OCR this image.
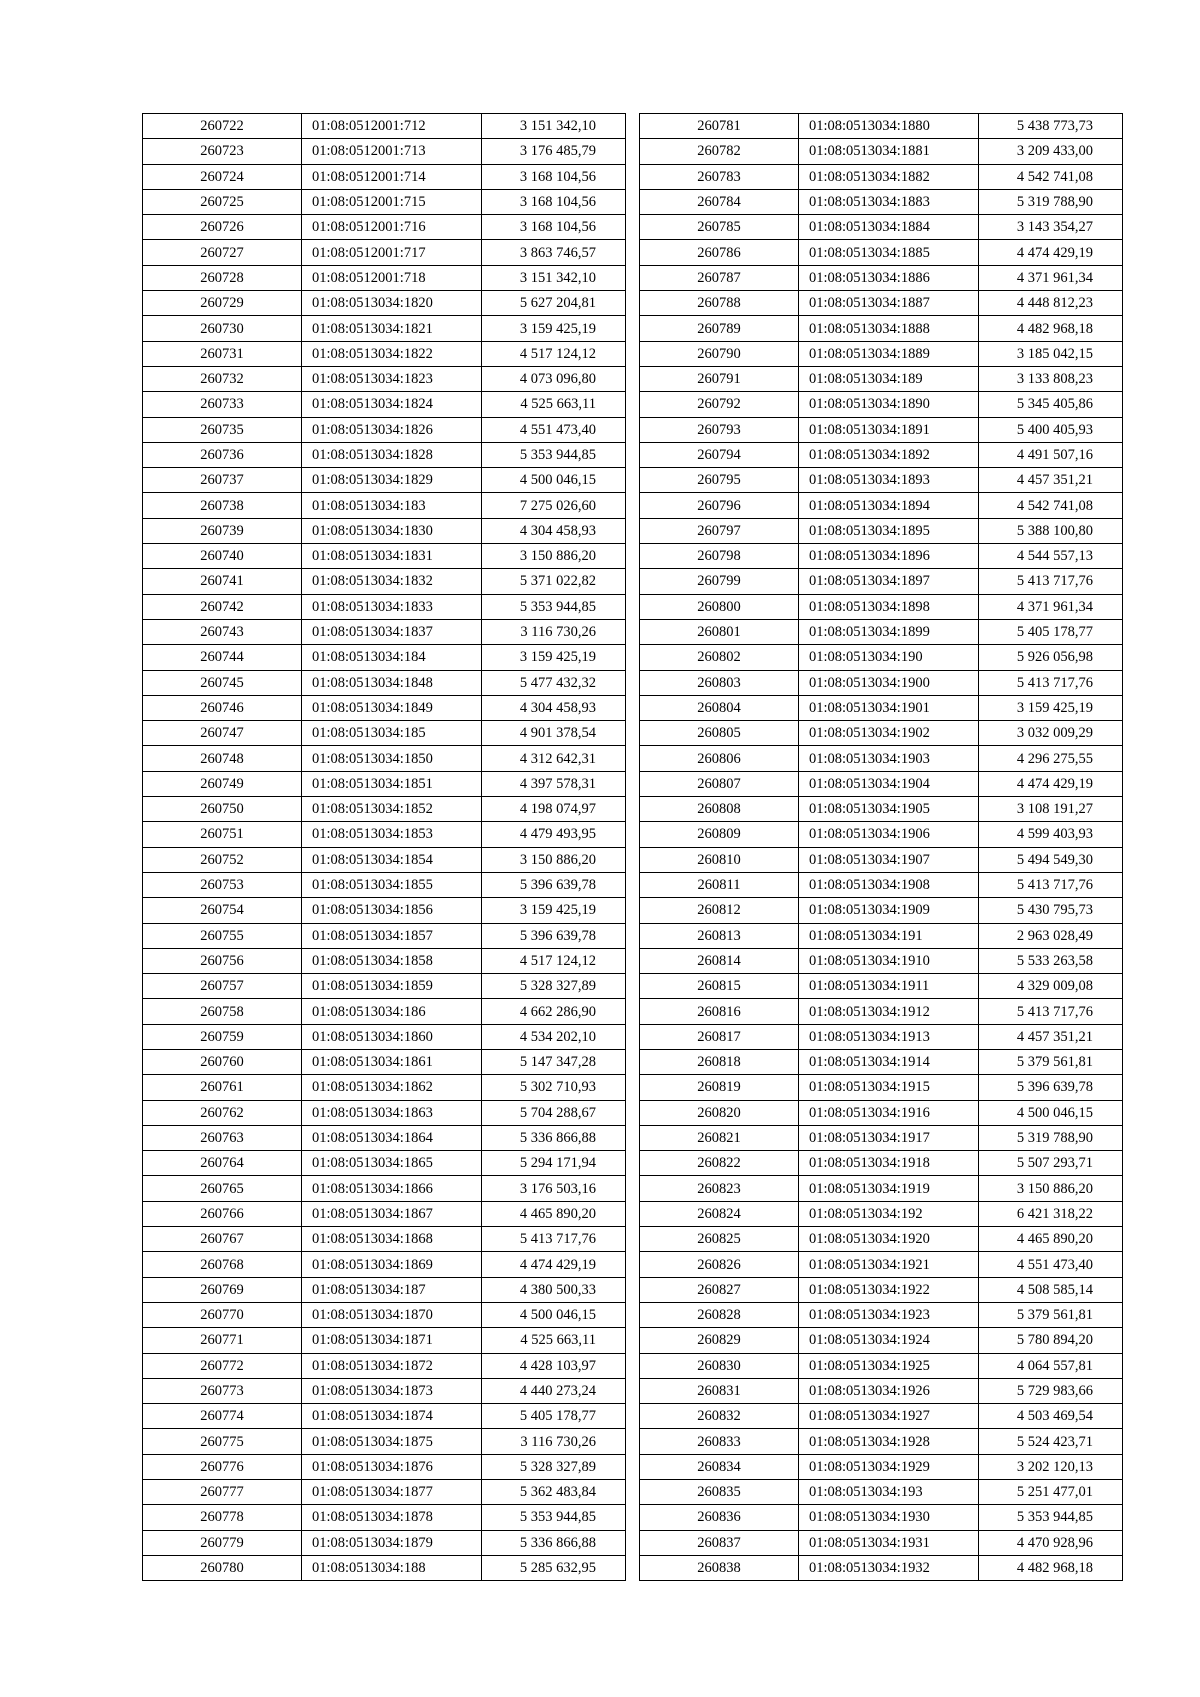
260722	01:08:0512001:712	3 151 342,10
260723	01:08:0512001:713	3 176 485,79
260724	01:08:0512001:714	3 168 104,56
260725	01:08:0512001:715	3 168 104,56
260726	01:08:0512001:716	3 168 104,56
260727	01:08:0512001:717	3 863 746,57
260728	01:08:0512001:718	3 151 342,10
260729	01:08:0513034:1820	5 627 204,81
260730	01:08:0513034:1821	3 159 425,19
260731	01:08:0513034:1822	4 517 124,12
260732	01:08:0513034:1823	4 073 096,80
260733	01:08:0513034:1824	4 525 663,11
260735	01:08:0513034:1826	4 551 473,40
260736	01:08:0513034:1828	5 353 944,85
260737	01:08:0513034:1829	4 500 046,15
260738	01:08:0513034:183	7 275 026,60
260739	01:08:0513034:1830	4 304 458,93
260740	01:08:0513034:1831	3 150 886,20
260741	01:08:0513034:1832	5 371 022,82
260742	01:08:0513034:1833	5 353 944,85
260743	01:08:0513034:1837	3 116 730,26
260744	01:08:0513034:184	3 159 425,19
260745	01:08:0513034:1848	5 477 432,32
260746	01:08:0513034:1849	4 304 458,93
260747	01:08:0513034:185	4 901 378,54
260748	01:08:0513034:1850	4 312 642,31
260749	01:08:0513034:1851	4 397 578,31
260750	01:08:0513034:1852	4 198 074,97
260751	01:08:0513034:1853	4 479 493,95
260752	01:08:0513034:1854	3 150 886,20
260753	01:08:0513034:1855	5 396 639,78
260754	01:08:0513034:1856	3 159 425,19
260755	01:08:0513034:1857	5 396 639,78
260756	01:08:0513034:1858	4 517 124,12
260757	01:08:0513034:1859	5 328 327,89
260758	01:08:0513034:186	4 662 286,90
260759	01:08:0513034:1860	4 534 202,10
260760	01:08:0513034:1861	5 147 347,28
260761	01:08:0513034:1862	5 302 710,93
260762	01:08:0513034:1863	5 704 288,67
260763	01:08:0513034:1864	5 336 866,88
260764	01:08:0513034:1865	5 294 171,94
260765	01:08:0513034:1866	3 176 503,16
260766	01:08:0513034:1867	4 465 890,20
260767	01:08:0513034:1868	5 413 717,76
260768	01:08:0513034:1869	4 474 429,19
260769	01:08:0513034:187	4 380 500,33
260770	01:08:0513034:1870	4 500 046,15
260771	01:08:0513034:1871	4 525 663,11
260772	01:08:0513034:1872	4 428 103,97
260773	01:08:0513034:1873	4 440 273,24
260774	01:08:0513034:1874	5 405 178,77
260775	01:08:0513034:1875	3 116 730,26
260776	01:08:0513034:1876	5 328 327,89
260777	01:08:0513034:1877	5 362 483,84
260778	01:08:0513034:1878	5 353 944,85
260779	01:08:0513034:1879	5 336 866,88
260780	01:08:0513034:188	5 285 632,95
260781	01:08:0513034:1880	5 438 773,73
260782	01:08:0513034:1881	3 209 433,00
260783	01:08:0513034:1882	4 542 741,08
260784	01:08:0513034:1883	5 319 788,90
260785	01:08:0513034:1884	3 143 354,27
260786	01:08:0513034:1885	4 474 429,19
260787	01:08:0513034:1886	4 371 961,34
260788	01:08:0513034:1887	4 448 812,23
260789	01:08:0513034:1888	4 482 968,18
260790	01:08:0513034:1889	3 185 042,15
260791	01:08:0513034:189	3 133 808,23
260792	01:08:0513034:1890	5 345 405,86
260793	01:08:0513034:1891	5 400 405,93
260794	01:08:0513034:1892	4 491 507,16
260795	01:08:0513034:1893	4 457 351,21
260796	01:08:0513034:1894	4 542 741,08
260797	01:08:0513034:1895	5 388 100,80
260798	01:08:0513034:1896	4 544 557,13
260799	01:08:0513034:1897	5 413 717,76
260800	01:08:0513034:1898	4 371 961,34
260801	01:08:0513034:1899	5 405 178,77
260802	01:08:0513034:190	5 926 056,98
260803	01:08:0513034:1900	5 413 717,76
260804	01:08:0513034:1901	3 159 425,19
260805	01:08:0513034:1902	3 032 009,29
260806	01:08:0513034:1903	4 296 275,55
260807	01:08:0513034:1904	4 474 429,19
260808	01:08:0513034:1905	3 108 191,27
260809	01:08:0513034:1906	4 599 403,93
260810	01:08:0513034:1907	5 494 549,30
260811	01:08:0513034:1908	5 413 717,76
260812	01:08:0513034:1909	5 430 795,73
260813	01:08:0513034:191	2 963 028,49
260814	01:08:0513034:1910	5 533 263,58
260815	01:08:0513034:1911	4 329 009,08
260816	01:08:0513034:1912	5 413 717,76
260817	01:08:0513034:1913	4 457 351,21
260818	01:08:0513034:1914	5 379 561,81
260819	01:08:0513034:1915	5 396 639,78
260820	01:08:0513034:1916	4 500 046,15
260821	01:08:0513034:1917	5 319 788,90
260822	01:08:0513034:1918	5 507 293,71
260823	01:08:0513034:1919	3 150 886,20
260824	01:08:0513034:192	6 421 318,22
260825	01:08:0513034:1920	4 465 890,20
260826	01:08:0513034:1921	4 551 473,40
260827	01:08:0513034:1922	4 508 585,14
260828	01:08:0513034:1923	5 379 561,81
260829	01:08:0513034:1924	5 780 894,20
260830	01:08:0513034:1925	4 064 557,81
260831	01:08:0513034:1926	5 729 983,66
260832	01:08:0513034:1927	4 503 469,54
260833	01:08:0513034:1928	5 524 423,71
260834	01:08:0513034:1929	3 202 120,13
260835	01:08:0513034:193	5 251 477,01
260836	01:08:0513034:1930	5 353 944,85
260837	01:08:0513034:1931	4 470 928,96
260838	01:08:0513034:1932	4 482 968,18
